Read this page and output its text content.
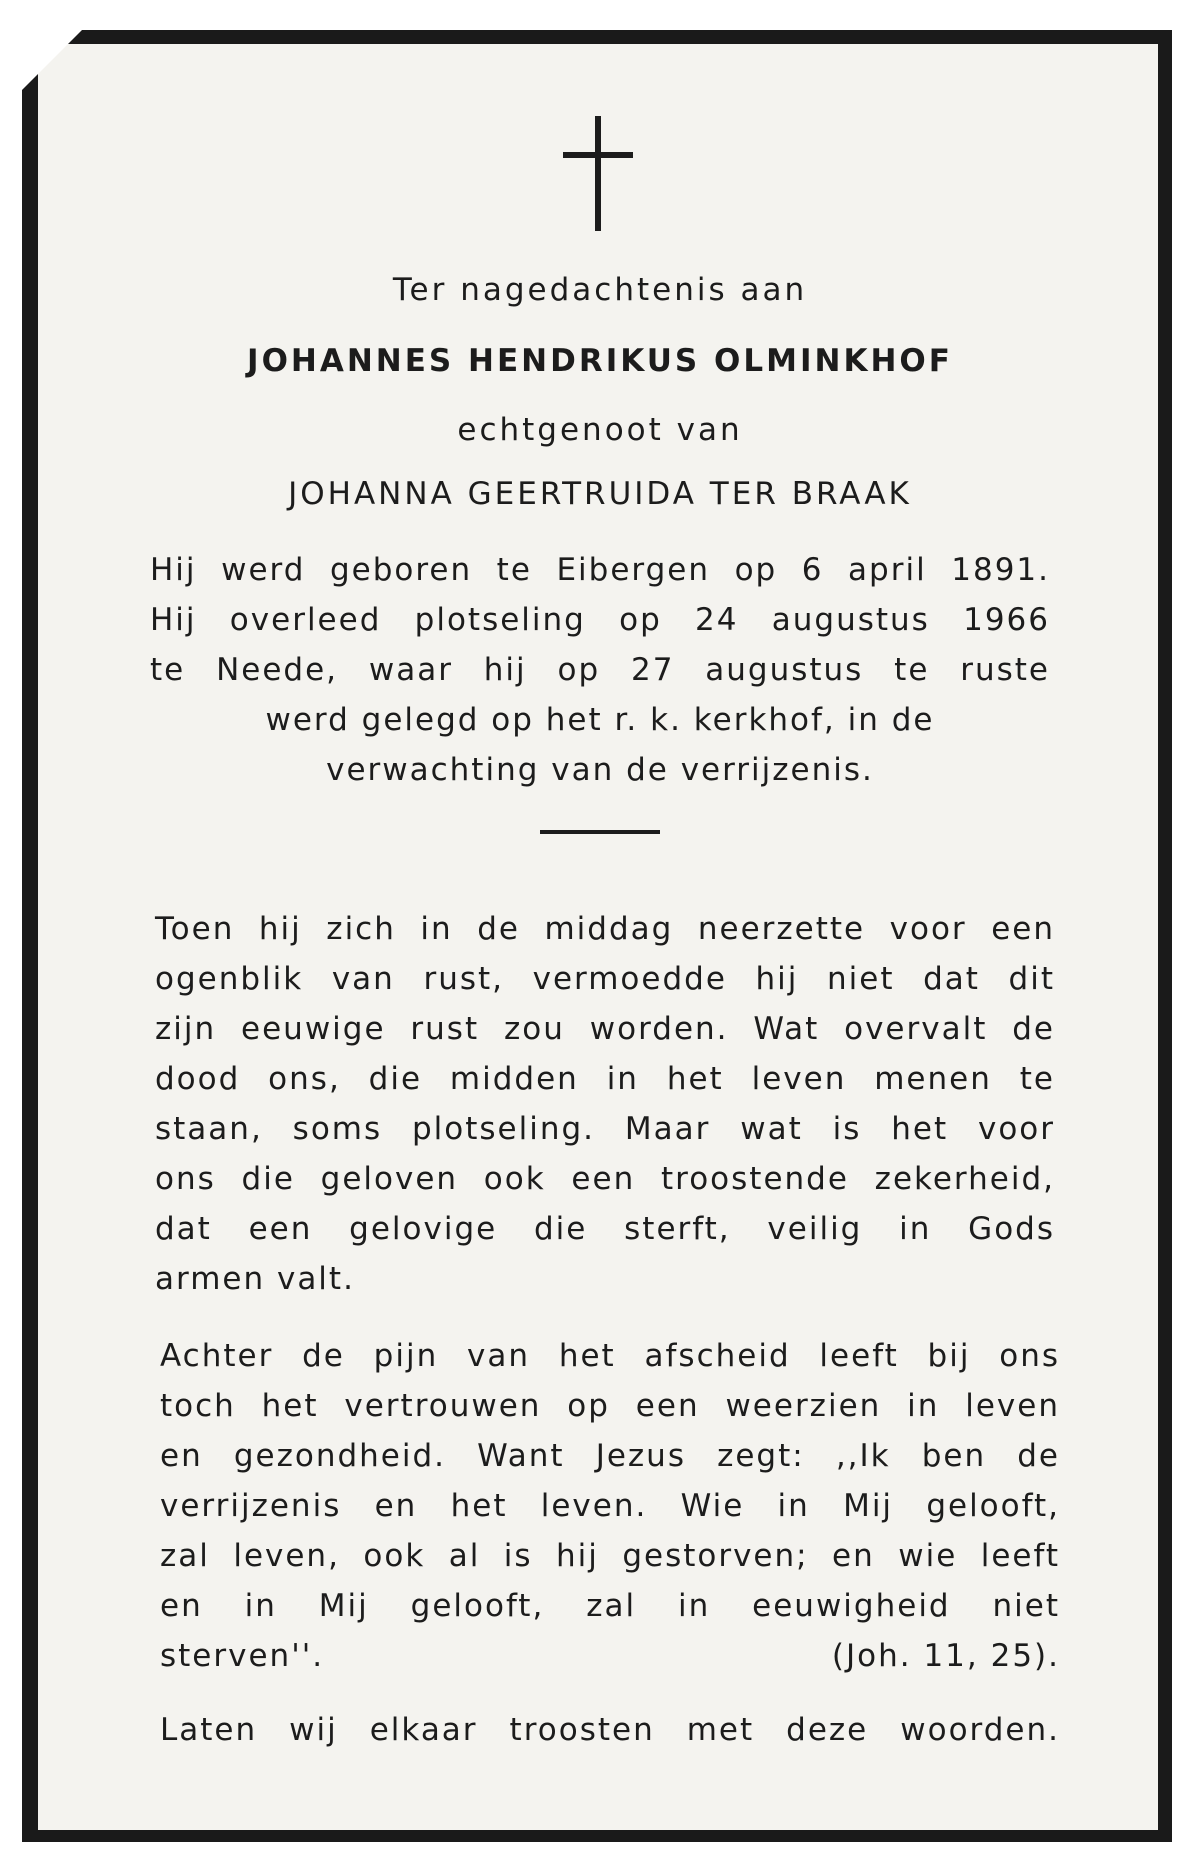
Ter nagedachtenis aan
JOHANNES HENDRIKUS OLMINKHOF
echtgenoot van
JOHANNA GEERTRUIDA TER BRAAK
Hij werd geboren te Eibergen op 6 april 1891.
Hij overleed plotseling op 24 augustus 1966
te Neede, waar hij op 27 augustus te ruste
werd gelegd op het r. k. kerkhof, in de
verwachting van de verrijzenis.
Toen hij zich in de middag neerzette voor een
ogenblik van rust, vermoedde hij niet dat dit
zijn eeuwige rust zou worden. Wat overvalt de
dood ons, die midden in het leven menen te
staan, soms plotseling. Maar wat is het voor
ons die geloven ook een troostende zekerheid,
dat een gelovige die sterft, veilig in Gods
armen valt.
Achter de pijn van het afscheid leeft bij ons
toch het vertrouwen op een weerzien in leven
en gezondheid. Want Jezus zegt: ,,Ik ben de
verrijzenis en het leven. Wie in Mij gelooft,
zal leven, ook al is hij gestorven; en wie leeft
en in Mij gelooft, zal in eeuwigheid niet
sterven''.	(Joh. 11, 25).
Laten wij elkaar troosten met deze woorden.
